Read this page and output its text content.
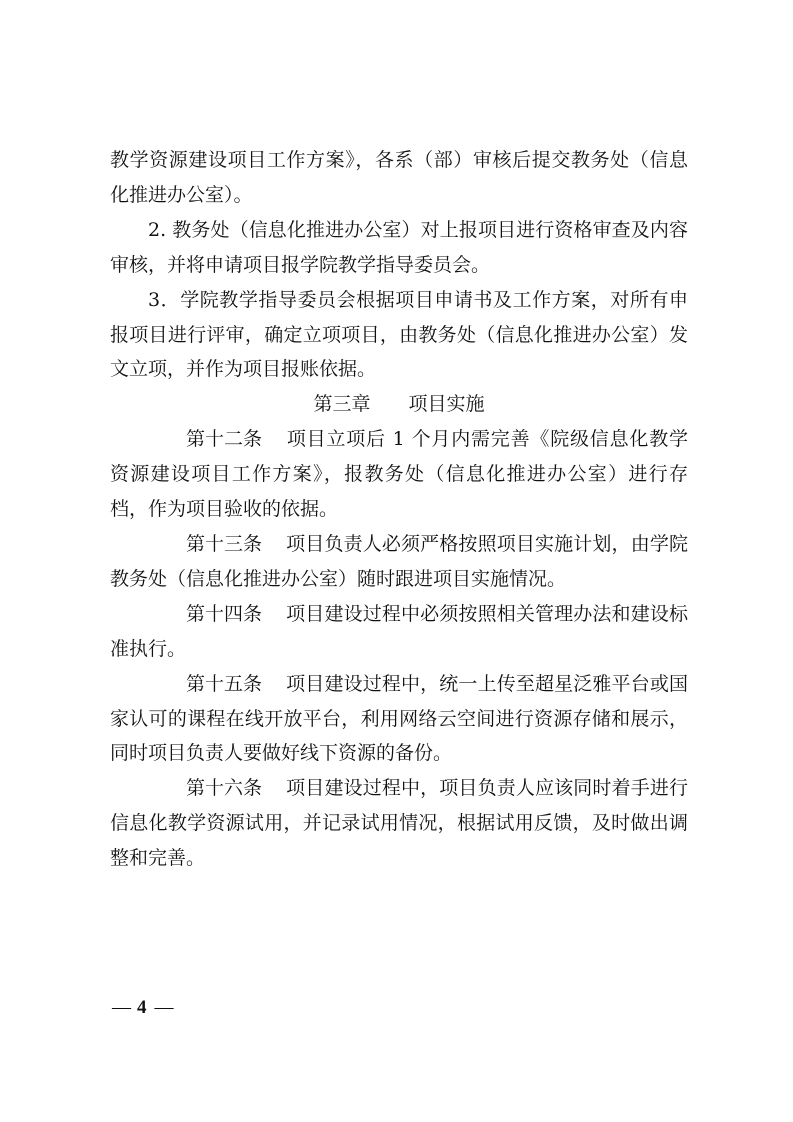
教学资源建设项目工作方案》，各系（部）审核后提交教务处（信息化推进办公室）。

2. 教务处（信息化推进办公室）对上报项目进行资格审查及内容审核，并将申请项目报学院教学指导委员会。

3．学院教学指导委员会根据项目申请书及工作方案，对所有申报项目进行评审，确定立项项目，由教务处（信息化推进办公室）发文立项，并作为项目报账依据。

第三章 项目实施

第十二条 项目立项后 1 个月内需完善《院级信息化教学资源建设项目工作方案》，报教务处（信息化推进办公室）进行存档，作为项目验收的依据。

第十三条 项目负责人必须严格按照项目实施计划，由学院教务处（信息化推进办公室）随时跟进项目实施情况。

第十四条 项目建设过程中必须按照相关管理办法和建设标准执行。

第十五条 项目建设过程中，统一上传至超星泛雅平台或国家认可的课程在线开放平台，利用网络云空间进行资源存储和展示，同时项目负责人要做好线下资源的备份。

第十六条 项目建设过程中，项目负责人应该同时着手进行信息化教学资源试用，并记录试用情况，根据试用反馈，及时做出调整和完善。

— 4 —
